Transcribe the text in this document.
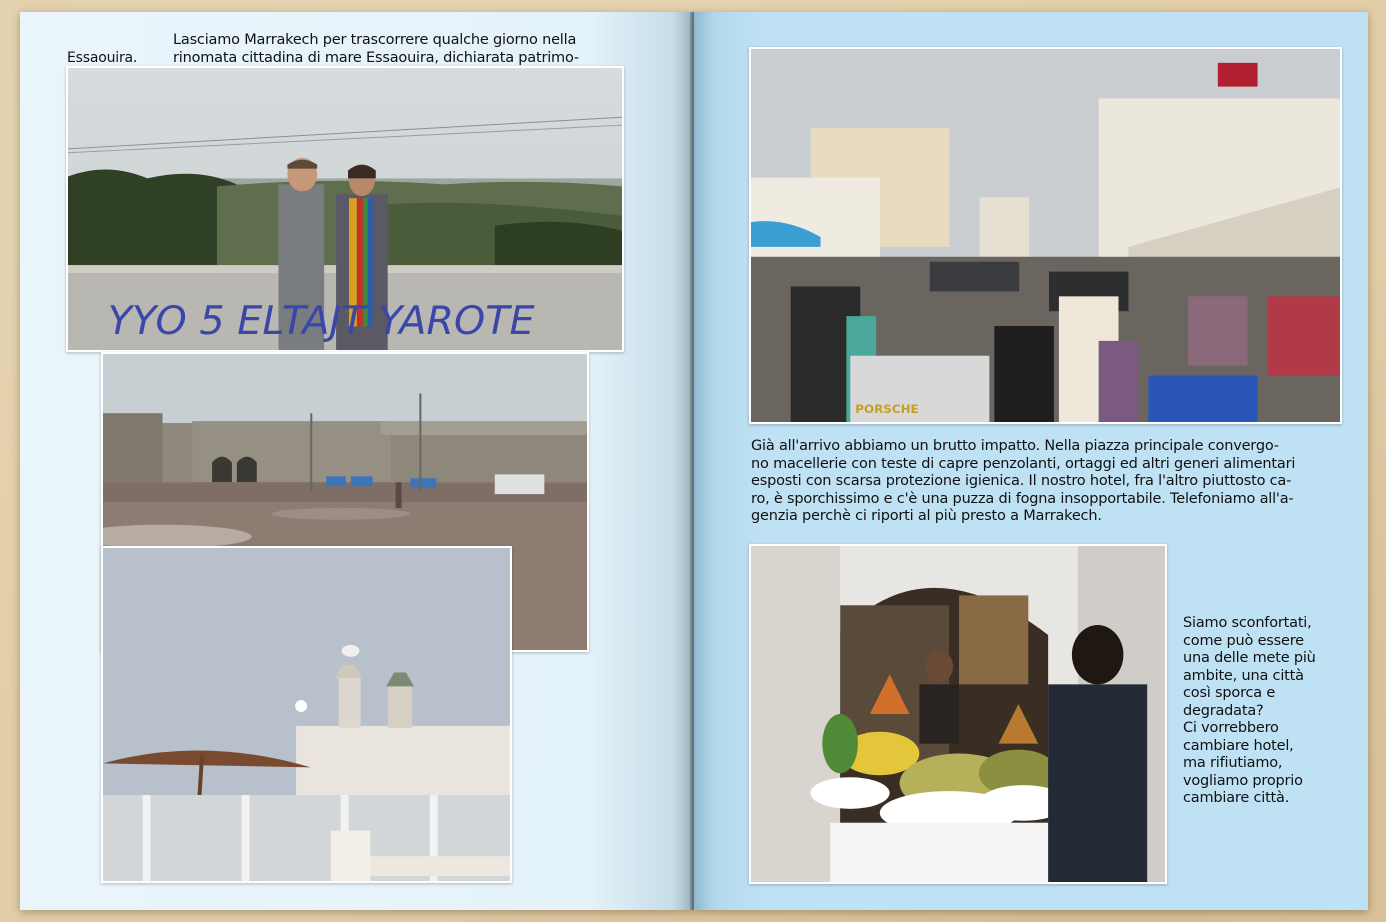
Essaouira.
Lasciamo Marrakech per trascorrere qualche giorno nella
rinomata cittadina di mare Essaouira, dichiarata patrimo-
YYO 5 ELTAJT YAROTE
PORSCHE
Già all'arrivo abbiamo un brutto impatto. Nella piazza principale convergo-
no macellerie con teste di capre penzolanti, ortaggi ed altri generi alimentari
esposti con scarsa protezione igienica. Il nostro hotel, fra l'altro piuttosto ca-
ro, è sporchissimo e c'è una puzza di fogna insopportabile. Telefoniamo all'a-
genzia perchè ci riporti al più presto a Marrakech.
Siamo sconfortati,
come può essere
una delle mete più
ambite, una città
così sporca e
degradata?
Ci vorrebbero
cambiare hotel,
ma rifiutiamo,
vogliamo proprio
cambiare città.
